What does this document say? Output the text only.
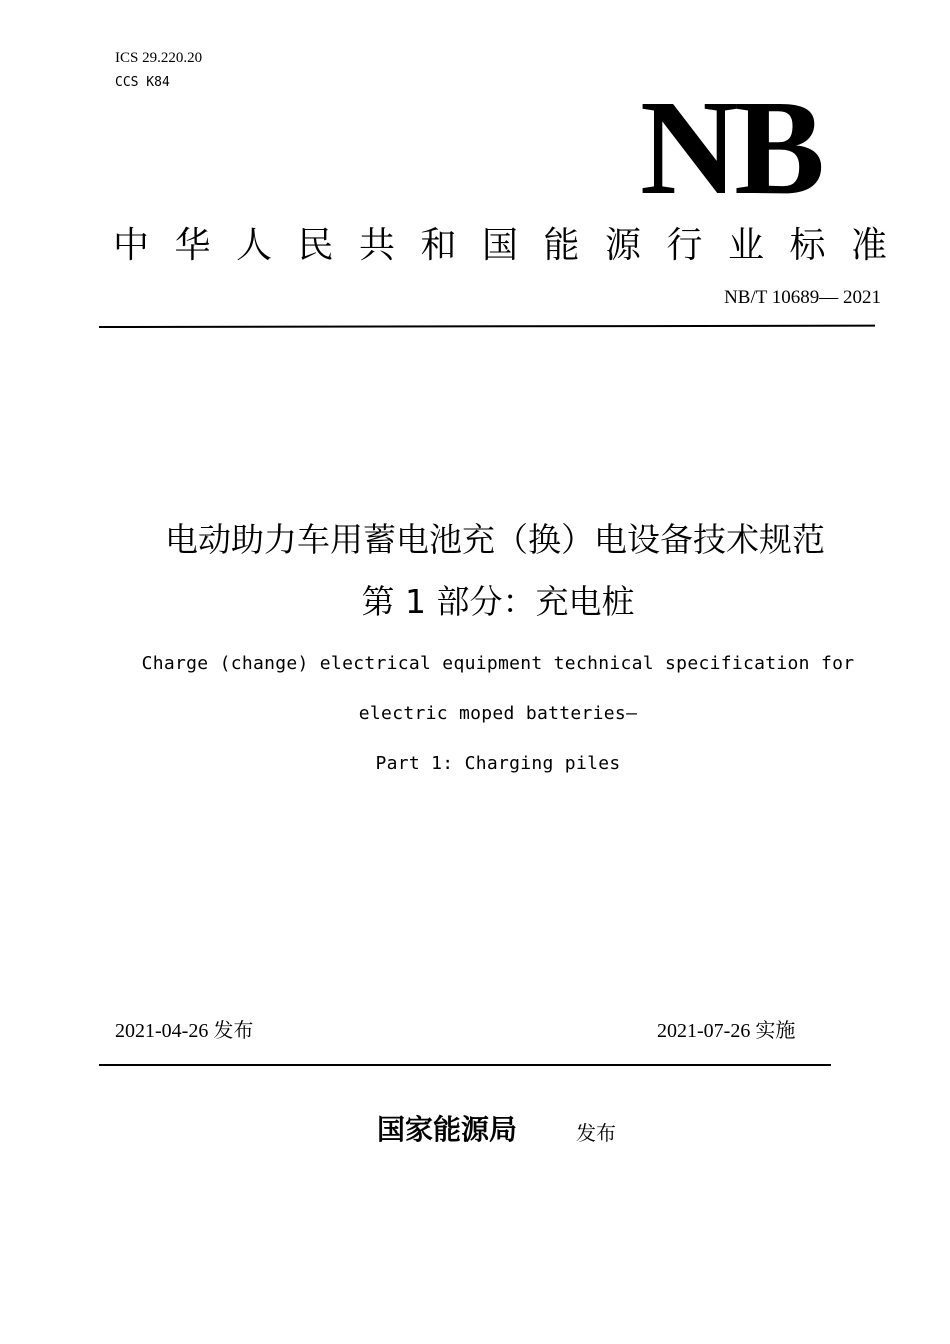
ICS 29.220.20
CCS K84	NB
中华人民共和国能源行业标准
NB/T 10689— 2021
电动助力车用蓄电池充（换）电设备技术规范
第 1 部分：充电桩
Charge (change) electrical equipment technical specification for
electric moped batteries—
Part 1: Charging piles
2021-04-26 发布	2021-07-26 实施
国家能源局	发布
